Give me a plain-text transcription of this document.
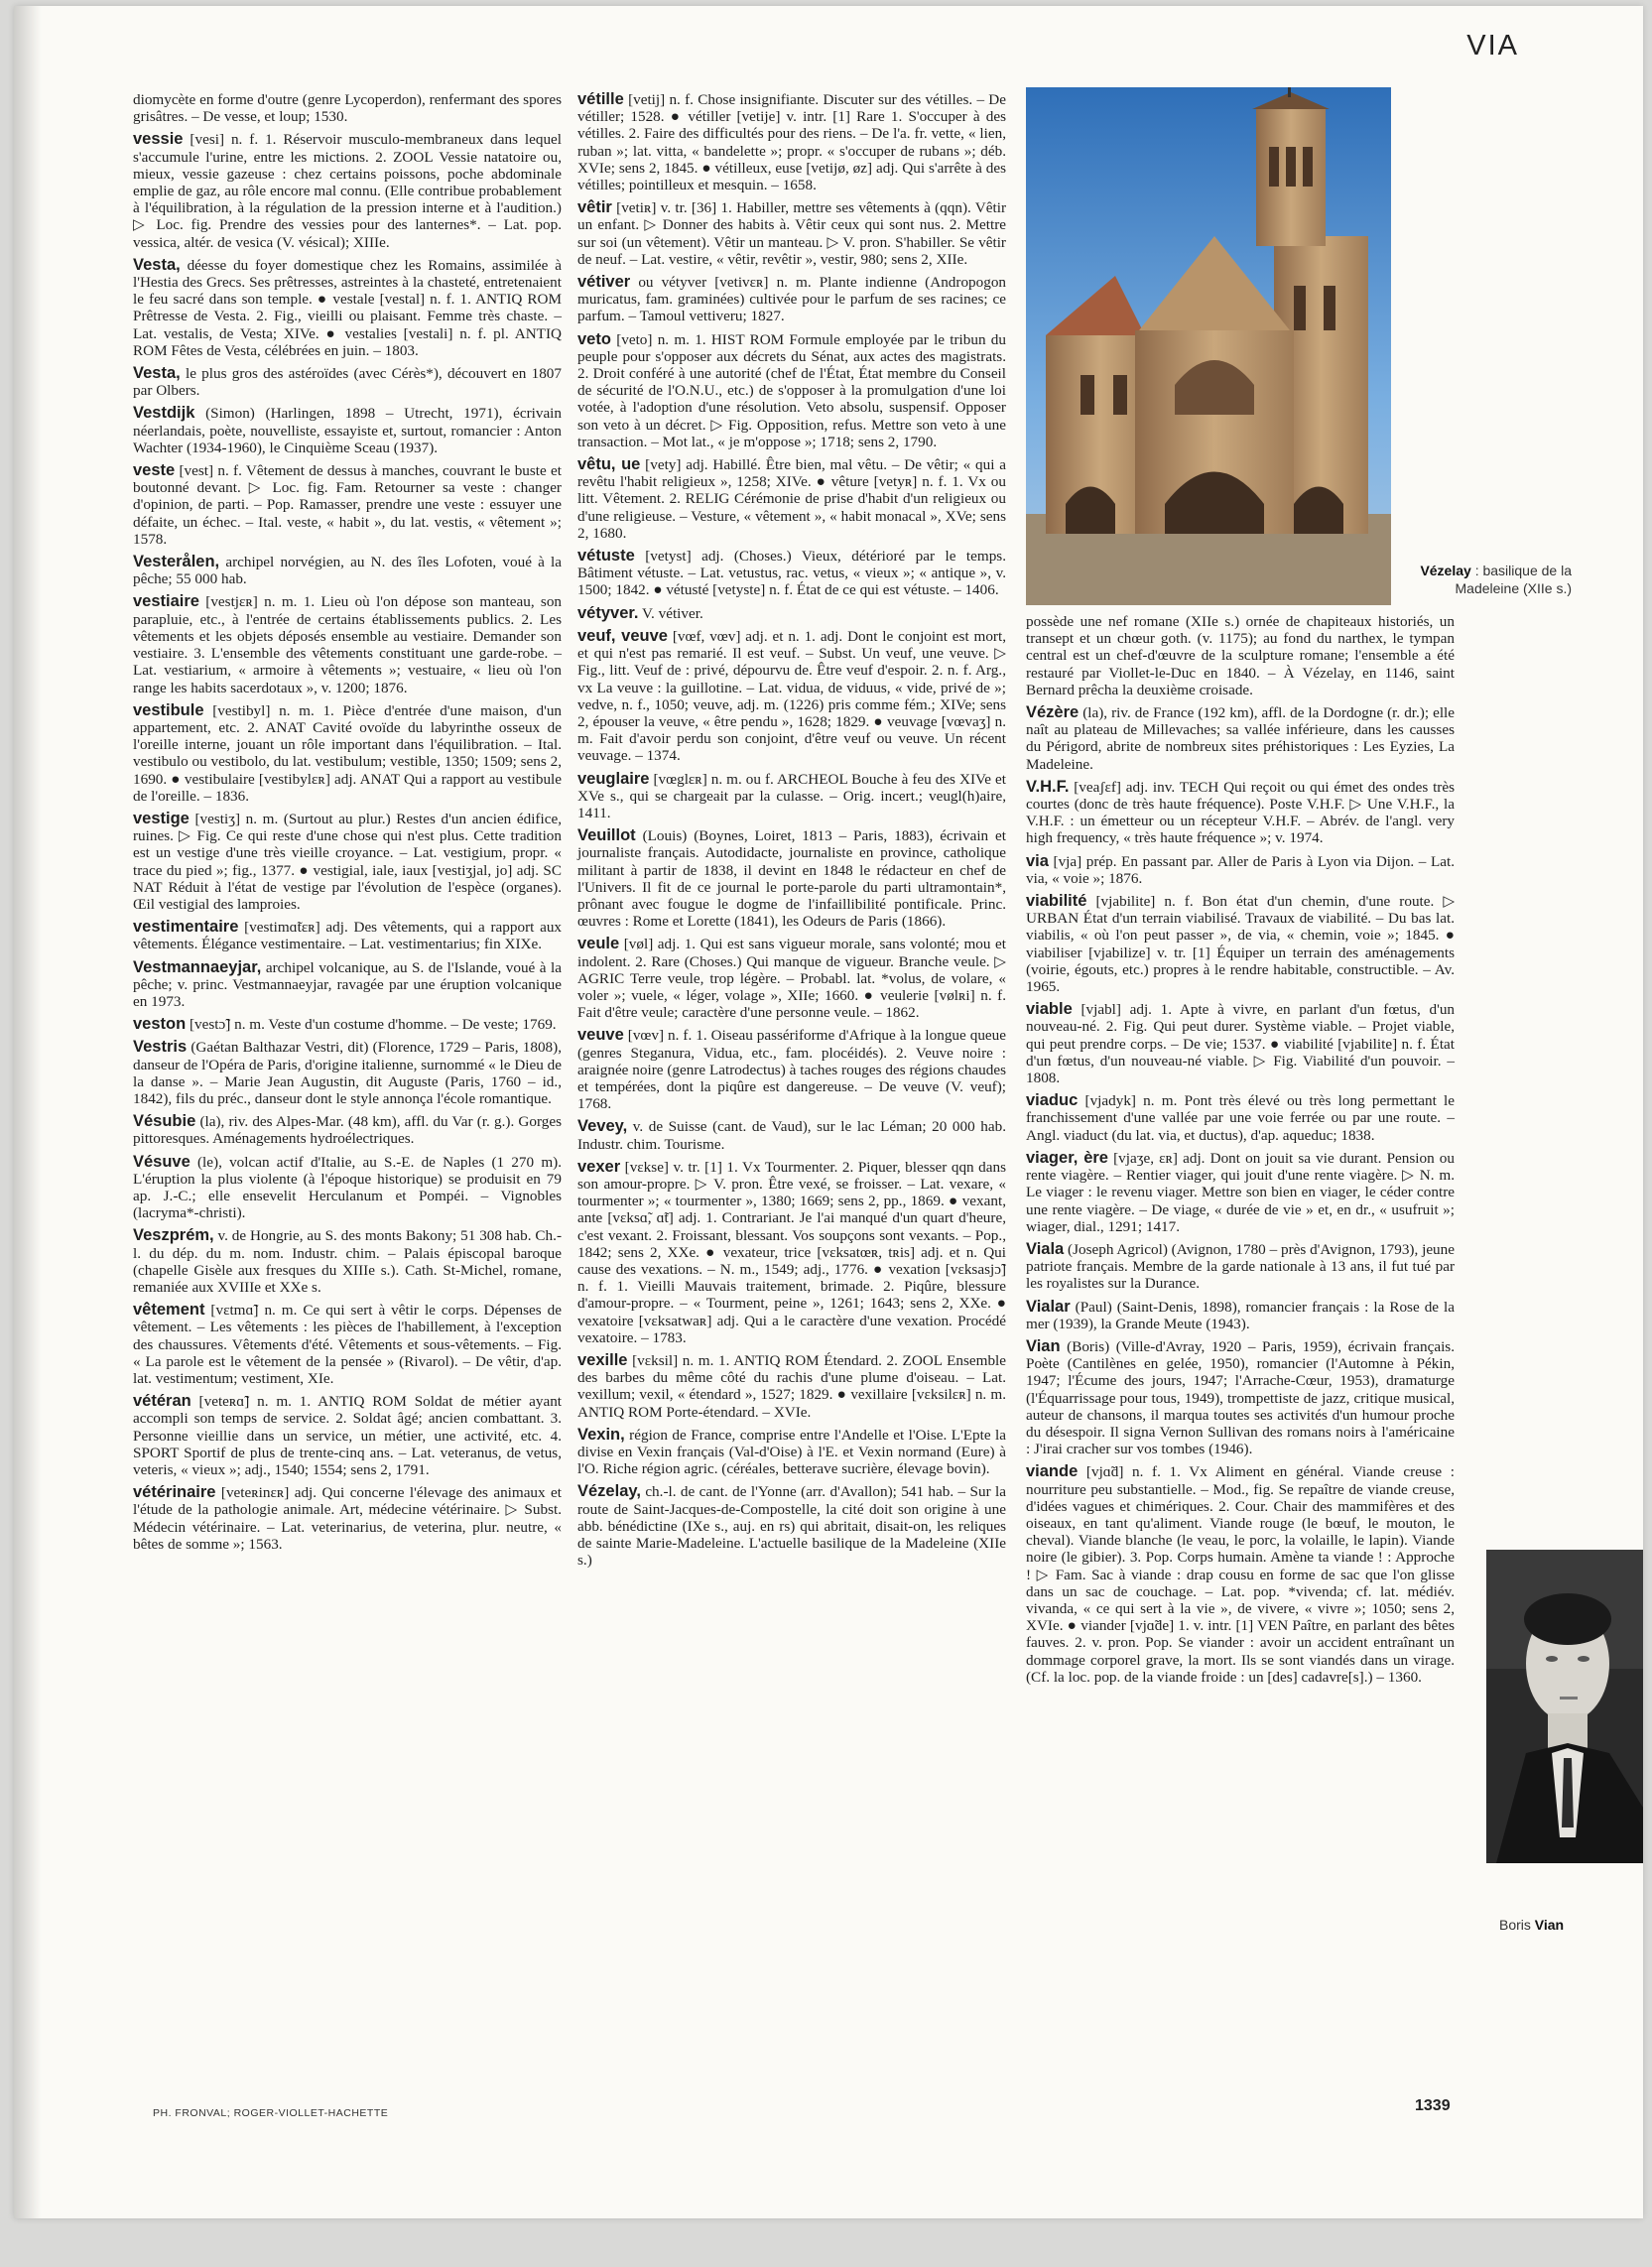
VIA

diomycète en forme d'outre (genre Lycoperdon), renfermant des spores grisâtres. – De vesse, et loup; 1530.

vessie [vesi] n. f. 1. Réservoir musculo-membraneux dans lequel s'accumule l'urine, entre les mictions. 2. ZOOL Vessie natatoire ou, mieux, vessie gazeuse : chez certains poissons, poche abdominale emplie de gaz, au rôle encore mal connu. (Elle contribue probablement à l'équilibration, à la régulation de la pression interne et à l'audition.) ▷ Loc. fig. Prendre des vessies pour des lanternes*. – Lat. pop. vessica, altér. de vesica (V. vésical); XIIIe.

Vesta, déesse du foyer domestique chez les Romains, assimilée à l'Hestia des Grecs. Ses prêtresses, astreintes à la chasteté, entretenaient le feu sacré dans son temple. ● vestale [vestal] n. f. 1. ANTIQ ROM Prêtresse de Vesta. 2. Fig., vieilli ou plaisant. Femme très chaste. – Lat. vestalis, de Vesta; XIVe. ● vestalies [vestali] n. f. pl. ANTIQ ROM Fêtes de Vesta, célébrées en juin. – 1803.

Vesta, le plus gros des astéroïdes (avec Cérès*), découvert en 1807 par Olbers.

Vestdijk (Simon) (Harlingen, 1898 – Utrecht, 1971), écrivain néerlandais, poète, nouvelliste, essayiste et, surtout, romancier : Anton Wachter (1934-1960), le Cinquième Sceau (1937).

veste [vest] n. f. Vêtement de dessus à manches, couvrant le buste et boutonné devant. ▷ Loc. fig. Fam. Retourner sa veste : changer d'opinion, de parti. – Pop. Ramasser, prendre une veste : essuyer une défaite, un échec. – Ital. veste, « habit », du lat. vestis, « vêtement »; 1578.

Vesterålen, archipel norvégien, au N. des îles Lofoten, voué à la pêche; 55 000 hab.

vestiaire [vestjɛʀ] n. m. 1. Lieu où l'on dépose son manteau, son parapluie, etc., à l'entrée de certains établissements publics. 2. Les vêtements et les objets déposés ensemble au vestiaire. Demander son vestiaire. 3. L'ensemble des vêtements constituant une garde-robe. – Lat. vestiarium, « armoire à vêtements »; vestuaire, « lieu où l'on range les habits sacerdotaux », v. 1200; 1876.

vestibule [vestibyl] n. m. 1. Pièce d'entrée d'une maison, d'un appartement, etc. 2. ANAT Cavité ovoïde du labyrinthe osseux de l'oreille interne, jouant un rôle important dans l'équilibration. – Ital. vestibulo ou vestibolo, du lat. vestibulum; vestible, 1350; 1509; sens 2, 1690. ● vestibulaire [vestibylɛʀ] adj. ANAT Qui a rapport au vestibule de l'oreille. – 1836.

vestige [vestiʒ] n. m. (Surtout au plur.) Restes d'un ancien édifice, ruines. ▷ Fig. Ce qui reste d'une chose qui n'est plus. Cette tradition est un vestige d'une très vieille croyance. – Lat. vestigium, propr. « trace du pied »; fig., 1377. ● vestigial, iale, iaux [vestiʒjal, jo] adj. SC NAT Réduit à l'état de vestige par l'évolution de l'espèce (organes). Œil vestigial des lamproies.

vestimentaire [vestimɑ̃tɛʀ] adj. Des vêtements, qui a rapport aux vêtements. Élégance vestimentaire. – Lat. vestimentarius; fin XIXe.

Vestmannaeyjar, archipel volcanique, au S. de l'Islande, voué à la pêche; v. princ. Vestmannaeyjar, ravagée par une éruption volcanique en 1973.

veston [vestɔ̃] n. m. Veste d'un costume d'homme. – De veste; 1769.

Vestris (Gaétan Balthazar Vestri, dit) (Florence, 1729 – Paris, 1808), danseur de l'Opéra de Paris, d'origine italienne, surnommé « le Dieu de la danse ». – Marie Jean Augustin, dit Auguste (Paris, 1760 – id., 1842), fils du préc., danseur dont le style annonça l'école romantique.

Vésubie (la), riv. des Alpes-Mar. (48 km), affl. du Var (r. g.). Gorges pittoresques. Aménagements hydroélectriques.

Vésuve (le), volcan actif d'Italie, au S.-E. de Naples (1 270 m). L'éruption la plus violente (à l'époque historique) se produisit en 79 ap. J.-C.; elle ensevelit Herculanum et Pompéi. – Vignobles (lacryma*-christi).

Veszprém, v. de Hongrie, au S. des monts Bakony; 51 308 hab. Ch.-l. du dép. du m. nom. Industr. chim. – Palais épiscopal baroque (chapelle Gisèle aux fresques du XIIIe s.). Cath. St-Michel, romane, remaniée aux XVIIIe et XXe s.

vêtement [vɛtmɑ̃] n. m. Ce qui sert à vêtir le corps. Dépenses de vêtement. – Les vêtements : les pièces de l'habillement, à l'exception des chaussures. Vêtements d'été. Vêtements et sous-vêtements. – Fig. « La parole est le vêtement de la pensée » (Rivarol). – De vêtir, d'ap. lat. vestimentum; vestiment, XIe.

vétéran [veteʀɑ̃] n. m. 1. ANTIQ ROM Soldat de métier ayant accompli son temps de service. 2. Soldat âgé; ancien combattant. 3. Personne vieillie dans un service, un métier, une activité, etc. 4. SPORT Sportif de plus de trente-cinq ans. – Lat. veteranus, de vetus, veteris, « vieux »; adj., 1540; 1554; sens 2, 1791.

vétérinaire [veteʀinɛʀ] adj. Qui concerne l'élevage des animaux et l'étude de la pathologie animale. Art, médecine vétérinaire. ▷ Subst. Médecin vétérinaire. – Lat. veterinarius, de veterina, plur. neutre, « bêtes de somme »; 1563.

vétille [vetij] n. f. Chose insignifiante. Discuter sur des vétilles. – De vétiller; 1528. ● vétiller [vetije] v. intr. [1] Rare 1. S'occuper à des vétilles. 2. Faire des difficultés pour des riens. – De l'a. fr. vette, « lien, ruban »; lat. vitta, « bandelette »; propr. « s'occuper de rubans »; déb. XVIe; sens 2, 1845. ● vétilleux, euse [vetijø, øz] adj. Qui s'arrête à des vétilles; pointilleux et mesquin. – 1658.

vêtir [vetiʀ] v. tr. [36] 1. Habiller, mettre ses vêtements à (qqn). Vêtir un enfant. ▷ Donner des habits à. Vêtir ceux qui sont nus. 2. Mettre sur soi (un vêtement). Vêtir un manteau. ▷ V. pron. S'habiller. Se vêtir de neuf. – Lat. vestire, « vêtir, revêtir », vestir, 980; sens 2, XIIe.

vétiver ou vétyver [vetivɛʀ] n. m. Plante indienne (Andropogon muricatus, fam. graminées) cultivée pour le parfum de ses racines; ce parfum. – Tamoul vettiveru; 1827.

veto [veto] n. m. 1. HIST ROM Formule employée par le tribun du peuple pour s'opposer aux décrets du Sénat, aux actes des magistrats. 2. Droit conféré à une autorité (chef de l'État, État membre du Conseil de sécurité de l'O.N.U., etc.) de s'opposer à la promulgation d'une loi votée, à l'adoption d'une résolution. Veto absolu, suspensif. Opposer son veto à un décret. ▷ Fig. Opposition, refus. Mettre son veto à une transaction. – Mot lat., « je m'oppose »; 1718; sens 2, 1790.

vêtu, ue [vety] adj. Habillé. Être bien, mal vêtu. – De vêtir; « qui a revêtu l'habit religieux », 1258; XIVe. ● vêture [vetyʀ] n. f. 1. Vx ou litt. Vêtement. 2. RELIG Cérémonie de prise d'habit d'un religieux ou d'une religieuse. – Vesture, « vêtement », « habit monacal », XVe; sens 2, 1680.

vétuste [vetyst] adj. (Choses.) Vieux, détérioré par le temps. Bâtiment vétuste. – Lat. vetustus, rac. vetus, « vieux »; « antique », v. 1500; 1842. ● vétusté [vetyste] n. f. État de ce qui est vétuste. – 1406.

vétyver. V. vétiver.

veuf, veuve [vœf, vœv] adj. et n. 1. adj. Dont le conjoint est mort, et qui n'est pas remarié. Il est veuf. – Subst. Un veuf, une veuve. ▷ Fig., litt. Veuf de : privé, dépourvu de. Être veuf d'espoir. 2. n. f. Arg., vx La veuve : la guillotine. – Lat. vidua, de viduus, « vide, privé de »; vedve, n. f., 1050; veuve, adj. m. (1226) pris comme fém.; XIVe; sens 2, épouser la veuve, « être pendu », 1628; 1829. ● veuvage [vœvaʒ] n. m. Fait d'avoir perdu son conjoint, d'être veuf ou veuve. Un récent veuvage. – 1374.

veuglaire [vœglɛʀ] n. m. ou f. ARCHEOL Bouche à feu des XIVe et XVe s., qui se chargeait par la culasse. – Orig. incert.; veugl(h)aire, 1411.

Veuillot (Louis) (Boynes, Loiret, 1813 – Paris, 1883), écrivain et journaliste français. Autodidacte, journaliste en province, catholique militant à partir de 1838, il devint en 1848 le rédacteur en chef de l'Univers. Il fit de ce journal le porte-parole du parti ultramontain*, prônant avec fougue le dogme de l'infaillibilité pontificale. Princ. œuvres : Rome et Lorette (1841), les Odeurs de Paris (1866).

veule [vøl] adj. 1. Qui est sans vigueur morale, sans volonté; mou et indolent. 2. Rare (Choses.) Qui manque de vigueur. Branche veule. ▷ AGRIC Terre veule, trop légère. – Probabl. lat. *volus, de volare, « voler »; vuele, « léger, volage », XIIe; 1660. ● veulerie [vølʀi] n. f. Fait d'être veule; caractère d'une personne veule. – 1862.

veuve [vœv] n. f. 1. Oiseau passériforme d'Afrique à la longue queue (genres Steganura, Vidua, etc., fam. plocéidés). 2. Veuve noire : araignée noire (genre Latrodectus) à taches rouges des régions chaudes et tempérées, dont la piqûre est dangereuse. – De veuve (V. veuf); 1768.

Vevey, v. de Suisse (cant. de Vaud), sur le lac Léman; 20 000 hab. Industr. chim. Tourisme.

vexer [vɛkse] v. tr. [1] 1. Vx Tourmenter. 2. Piquer, blesser qqn dans son amour-propre. ▷ V. pron. Être vexé, se froisser. – Lat. vexare, « tourmenter »; « tourmenter », 1380; 1669; sens 2, pp., 1869. ● vexant, ante [vɛksɑ̃, ɑ̃t] adj. 1. Contrariant. Je l'ai manqué d'un quart d'heure, c'est vexant. 2. Froissant, blessant. Vos soupçons sont vexants. – Pop., 1842; sens 2, XXe. ● vexateur, trice [vɛksatœʀ, tʀis] adj. et n. Qui cause des vexations. – N. m., 1549; adj., 1776. ● vexation [vɛksasjɔ̃] n. f. 1. Vieilli Mauvais traitement, brimade. 2. Piqûre, blessure d'amour-propre. – « Tourment, peine », 1261; 1643; sens 2, XXe. ● vexatoire [vɛksatwaʀ] adj. Qui a le caractère d'une vexation. Procédé vexatoire. – 1783.

vexille [vɛksil] n. m. 1. ANTIQ ROM Étendard. 2. ZOOL Ensemble des barbes du même côté du rachis d'une plume d'oiseau. – Lat. vexillum; vexil, « étendard », 1527; 1829. ● vexillaire [vɛksilɛʀ] n. m. ANTIQ ROM Porte-étendard. – XVIe.

Vexin, région de France, comprise entre l'Andelle et l'Oise. L'Epte la divise en Vexin français (Val-d'Oise) à l'E. et Vexin normand (Eure) à l'O. Riche région agric. (céréales, betterave sucrière, élevage bovin).

Vézelay, ch.-l. de cant. de l'Yonne (arr. d'Avallon); 541 hab. – Sur la route de Saint-Jacques-de-Compostelle, la cité doit son origine à une abb. bénédictine (IXe s., auj. en rs) qui abritait, disait-on, les reliques de sainte Marie-Madeleine. L'actuelle basilique de la Madeleine (XIIe s.)

Vézelay : basilique de la Madeleine (XIIe s.)

possède une nef romane (XIIe s.) ornée de chapiteaux historiés, un transept et un chœur goth. (v. 1175); au fond du narthex, le tympan central est un chef-d'œuvre de la sculpture romane; l'ensemble a été restauré par Viollet-le-Duc en 1840. – À Vézelay, en 1146, saint Bernard prêcha la deuxième croisade.

Vézère (la), riv. de France (192 km), affl. de la Dordogne (r. dr.); elle naît au plateau de Millevaches; sa vallée inférieure, dans les causses du Périgord, abrite de nombreux sites préhistoriques : Les Eyzies, La Madeleine.

V.H.F. [veaʃɛf] adj. inv. TECH Qui reçoit ou qui émet des ondes très courtes (donc de très haute fréquence). Poste V.H.F. ▷ Une V.H.F., la V.H.F. : un émetteur ou un récepteur V.H.F. – Abrév. de l'angl. very high frequency, « très haute fréquence »; v. 1974.

via [vja] prép. En passant par. Aller de Paris à Lyon via Dijon. – Lat. via, « voie »; 1876.

viabilité [vjabilite] n. f. Bon état d'un chemin, d'une route. ▷ URBAN État d'un terrain viabilisé. Travaux de viabilité. – Du bas lat. viabilis, « où l'on peut passer », de via, « chemin, voie »; 1845. ● viabiliser [vjabilize] v. tr. [1] Équiper un terrain des aménagements (voirie, égouts, etc.) propres à le rendre habitable, constructible. – Av. 1965.

viable [vjabl] adj. 1. Apte à vivre, en parlant d'un fœtus, d'un nouveau-né. 2. Fig. Qui peut durer. Système viable. – Projet viable, qui peut prendre corps. – De vie; 1537. ● viabilité [vjabilite] n. f. État d'un fœtus, d'un nouveau-né viable. ▷ Fig. Viabilité d'un pouvoir. – 1808.

viaduc [vjadyk] n. m. Pont très élevé ou très long permettant le franchissement d'une vallée par une voie ferrée ou par une route. – Angl. viaduct (du lat. via, et ductus), d'ap. aqueduc; 1838.

viager, ère [vjaʒe, ɛʀ] adj. Dont on jouit sa vie durant. Pension ou rente viagère. – Rentier viager, qui jouit d'une rente viagère. ▷ N. m. Le viager : le revenu viager. Mettre son bien en viager, le céder contre une rente viagère. – De viage, « durée de vie » et, en dr., « usufruit »; wiager, dial., 1291; 1417.

Viala (Joseph Agricol) (Avignon, 1780 – près d'Avignon, 1793), jeune patriote français. Membre de la garde nationale à 13 ans, il fut tué par les royalistes sur la Durance.

Vialar (Paul) (Saint-Denis, 1898), romancier français : la Rose de la mer (1939), la Grande Meute (1943).

Vian (Boris) (Ville-d'Avray, 1920 – Paris, 1959), écrivain français. Poète (Cantilènes en gelée, 1950), romancier (l'Automne à Pékin, 1947; l'Écume des jours, 1947; l'Arrache-Cœur, 1953), dramaturge (l'Équarrissage pour tous, 1949), trompettiste de jazz, critique musical, auteur de chansons, il marqua toutes ses activités d'un humour proche du désespoir. Il signa Vernon Sullivan des romans noirs à l'américaine : J'irai cracher sur vos tombes (1946).

viande [vjɑ̃d] n. f. 1. Vx Aliment en général. Viande creuse : nourriture peu substantielle. – Mod., fig. Se repaître de viande creuse, d'idées vagues et chimériques. 2. Cour. Chair des mammifères et des oiseaux, en tant qu'aliment. Viande rouge (le bœuf, le mouton, le cheval). Viande blanche (le veau, le porc, la volaille, le lapin). Viande noire (le gibier). 3. Pop. Corps humain. Amène ta viande ! : Approche ! ▷ Fam. Sac à viande : drap cousu en forme de sac que l'on glisse dans un sac de couchage. – Lat. pop. *vivenda; cf. lat. médiév. vivanda, « ce qui sert à la vie », de vivere, « vivre »; 1050; sens 2, XVIe. ● viander [vjɑ̃de] 1. v. intr. [1] VEN Paître, en parlant des bêtes fauves. 2. v. pron. Pop. Se viander : avoir un accident entraînant un dommage corporel grave, la mort. Ils se sont viandés dans un virage. (Cf. la loc. pop. de la viande froide : un [des] cadavre[s].) – 1360.

Boris Vian
PH. FRONVAL; ROGER-VIOLLET-HACHETTE	1339
